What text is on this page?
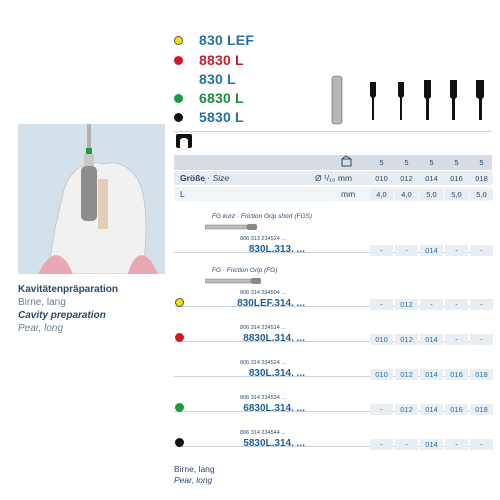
830 LEF
8830 L
830 L
6830 L
5830 L
Kavitätenpräparation
Birne, lang
Cavity preparation
Pear, long
5	5	5	5	5
Größe · Size	Ø ¹/₁₀ mm	010	012	014	016	018
L	mm	4,0	4,0	5,0	5,0	5,0
FG kurz · Friction Grip short (FGS)
FG · Friction Grip (FG)
806 313 234524 ...
830L.313. ...	-	-	014	-	-
806 314 234504 ...
830LEF.314. ...	-	012	-	-	-
806 314 234514 ...
8830L.314. ...	010	012	014	-	-
806 314 234524 ...
830L.314. ...	010	012	014	016	018
806 314 234534 ...
6830L.314. ...	-	012	014	016	018
806 314 234544 ...
5830L.314. ...	-	-	014	-	-
Birne, lang
Pear, long
